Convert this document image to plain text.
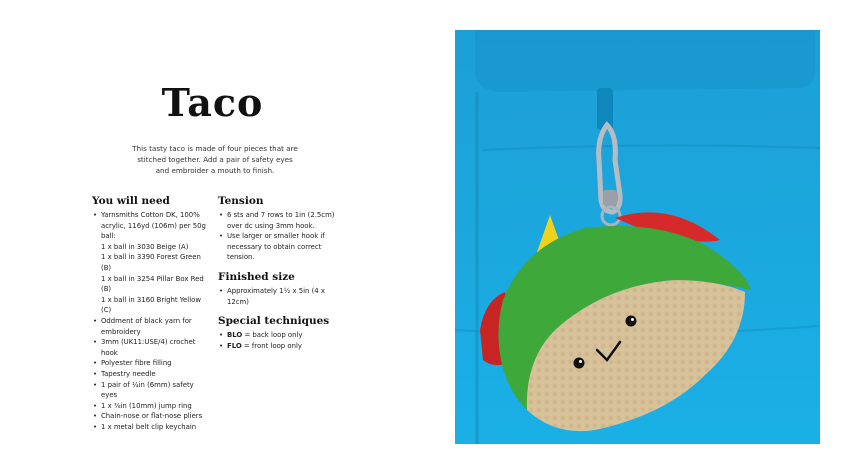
Taco
This tasty taco is made of four pieces that are stitched together. Add a pair of safety eyes and embroider a mouth to finish.
You will need
• Yarnsmiths Cotton DK, 100% acrylic, 116yd (106m) per 50g ball:
1 x ball in 3030 Beige (A)
1 x ball in 3390 Forest Green (B)
1 x ball in 3254 Pillar Box Red (B)
1 x ball in 3160 Bright Yellow (C)
• Oddment of black yarn for embroidery
• 3mm (UK11:USE/4) crochet hook
• Polyester fibre filling
• Tapestry needle
• 1 pair of ¼in (6mm) safety eyes
• 1 x ⅜in (10mm) jump ring
• Chain-nose or flat-nose pliers
• 1 x metal belt clip keychain
Tension
• 6 sts and 7 rows to 1in (2.5cm) over dc using 3mm hook.
• Use larger or smaller hook if necessary to obtain correct tension.
Finished size
• Approximately 1½ x 5in (4 x 12cm)
Special techniques
• BLO = back loop only
• FLO = front loop only
